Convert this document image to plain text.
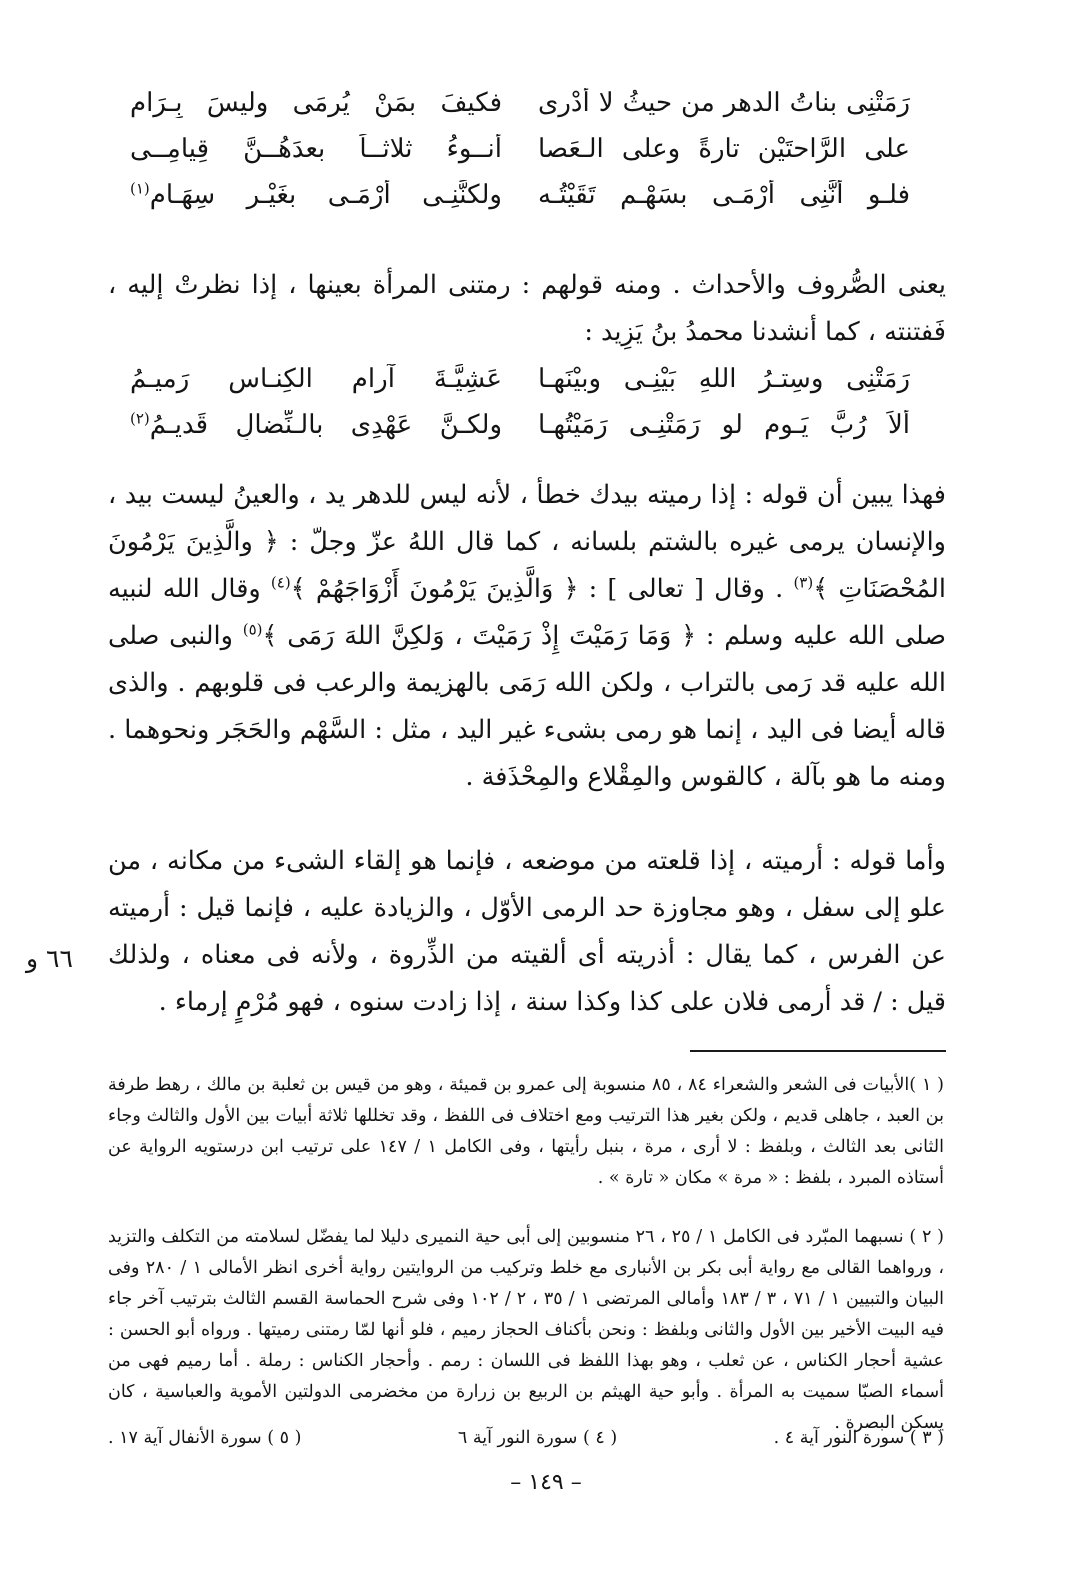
رَمَتْنِى بناتُ الدهر من حيثُ لا أدْرِى
فكيفَ بمَنْ يُرمَى وليسَ بِـرَامِ
على الرَّاحتَيْن تارةً وعلى الـعَصا
أَنــوءُ ثلاثــاً بعدَهُــنَّ قِيامِــى
فلـو أنَّنِى أُرْمَـى بسَهْـم تَقَيْتُـه
ولكنَّنِـى أُرْمَـى بغَيْـرِ سِهَـامِ$^{(١)}$
يعنى الصُّروف والأحداث . ومنه قولهم : رمتنى المرأة بعينها ، إذا نظرتْ إليه ، فَفتنته ، كما أنشدنا محمدُ بنُ يَزِيد :
رَمَتْنِى وسِتـرُ اللهِ بَيْنِـى وبيْنَهـا
عَشِيَّـةَ آرامِ الكِنـاس رَميـمُ
ألاَ رُبَّ يَـومٍ لو رَمَتْنِـى رَمَيْتُهـا
ولكـنَّ عَهْدِى بالـنِّضالِ قَديـمُ$^{(٢)}$
فهذا يبين أن قوله : إذا رميته بيدك خطأ ، لأنه ليس للدهر يد ، والعينُ ليست بيد ، والإنسان يرمى غيره بالشتم بلسانه ، كما قال اللهُ عزّ وجلّ : ﴿ والَّذِينَ يَرْمُونَ المُحْصَنَاتِ ﴾$^{(٣)}$ . وقال [ تعالى ] : ﴿ وَالَّذِينَ يَرْمُونَ أَزْوَاجَهُمْ ﴾$^{(٤)}$ وقال الله لنبيه صلى الله عليه وسلم : ﴿ وَمَا رَمَيْتَ إِذْ رَمَيْتَ ، وَلكِنَّ اللهَ رَمَى ﴾$^{(٥)}$ والنبى صلى الله عليه قد رَمى بالتراب ، ولكن الله رَمَى بالهزيمة والرعب فى قلوبهم . والذى قاله أيضا فى اليد ، إنما هو رمى بشىء غير اليد ، مثل : السَّهْم والحَجَر ونحوهما . ومنه ما هو بآلة ، كالقوس والمِقْلاع والمِحْذَفة .
وأما قوله : أرميته ، إذا قلعته من موضعه ، فإنما هو إلقاء الشىء من مكانه ، من علو إلى سفل ، وهو مجاوزة حد الرمى الأوّل ، والزيادة عليه ، فإنما قيل : أرميته عن الفرس ، كما يقال : أذريته أى ألقيته من الذِّروة ، ولأنه فى معناه ، ولذلك قيل : / قد أرمى فلان على كذا وكذا سنة ، إذا زادت سنوه ، فهو مُرْمٍ إرماء .
٦٦ و
( ١ )الأبيات فى الشعر والشعراء ٨٤ ، ٨٥ منسوبة إلى عمرو بن قميئة ، وهو من قيس بن ثعلبة بن مالك ، رهط طرفة بن العبد ، جاهلى قديم ، ولكن بغير هذا الترتيب ومع اختلاف فى اللفظ ، وقد تخللها ثلاثة أبيات بين الأول والثالث وجاء الثانى بعد الثالث ، وبلفظ : لا أرى ، مرة ، بنبل رأيتها ، وفى الكامل ١ / ١٤٧ على ترتيب ابن درستويه الرواية عن أستاذه المبرد ، بلفظ : « مرة » مكان « تارة » .
( ٢ ) نسبهما المبّرد فى الكامل ١ / ٢٥ ، ٢٦ منسوبين إلى أبى حية النميرى دليلا لما يفضّل لسلامته من التكلف والتزيد ، ورواهما القالى مع رواية أبى بكر بن الأنبارى مع خلط وتركيب من الروايتين رواية أخرى انظر الأمالى ١ / ٢٨٠ وفى البيان والتبيين ١ / ٧١ ، ٣ / ١٨٣ وأمالى المرتضى ١ / ٣٥ ، ٢ / ١٠٢ وفى شرح الحماسة القسم الثالث بترتيب آخر جاء فيه البيت الأخير بين الأول والثانى وبلفظ : ونحن بأكناف الحجاز رميم ، فلو أنها لمّا رمتنى رميتها . ورواه أبو الحسن : عشية أحجار الكناس ، عن ثعلب ، وهو بهذا اللفظ فى اللسان : رمم . وأحجار الكناس : رملة . أما رميم فهى من أسماء الصبّا سميت به المرأة . وأبو حية الهيثم بن الربيع بن زرارة من مخضرمى الدولتين الأموية والعباسية ، كان يسكن البصرة .
( ٣ ) سورة النور آية ٤ .
( ٤ ) سورة النور آية ٦
( ٥ ) سورة الأنفال آية ١٧ .
– ١٤٩ –
